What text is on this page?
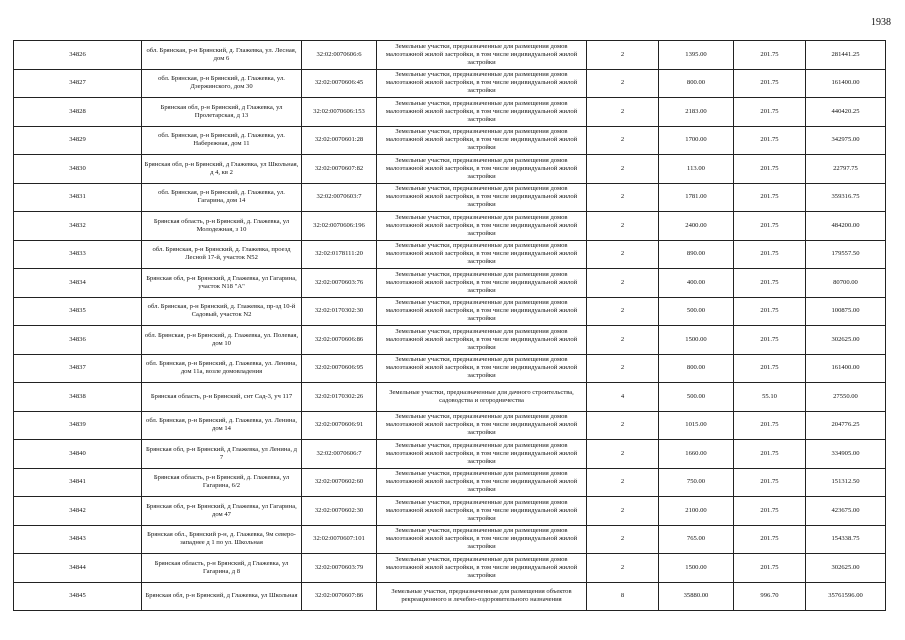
1938
34826	обл. Брянская, р-н Брянский, д. Глажевка, ул. Лесная, дом 6	32:02:0070606:6	Земельные участки, предназначенные для размещения домов малоэтажной жилой застройки, в том числе индивидуальной жилой застройки	2	1395.00	201.75	281441.25
34827	обл. Брянская, р-н Брянский, д. Глажевка, ул. Дзержинского, дом 30	32:02:0070606:45	Земельные участки, предназначенные для размещения домов малоэтажной жилой застройки, в том числе индивидуальной жилой застройки	2	800.00	201.75	161400.00
34828	Брянская обл, р-н Брянский, д Глажевка, ул Пролетарская, д 13	32:02:0070606:153	Земельные участки, предназначенные для размещения домов малоэтажной жилой застройки, в том числе индивидуальной жилой застройки	2	2183.00	201.75	440420.25
34829	обл. Брянская, р-н Брянский, д. Глажевка, ул. Набережная, дом 11	32:02:0070601:28	Земельные участки, предназначенные для размещения домов малоэтажной жилой застройки, в том числе индивидуальной жилой застройки	2	1700.00	201.75	342975.00
34830	Брянская обл, р-н Брянский, д Глажевка, ул Школьная, д 4, кв 2	32:02:0070607:82	Земельные участки, предназначенные для размещения домов малоэтажной жилой застройки, в том числе индивидуальной жилой застройки	2	113.00	201.75	22797.75
34831	обл. Брянская, р-н Брянский, д. Глажевка, ул. Гагарина, дом 14	32:02:0070603:7	Земельные участки, предназначенные для размещения домов малоэтажной жилой застройки, в том числе индивидуальной жилой застройки	2	1781.00	201.75	359316.75
34832	Брянская область, р-н Брянский, д. Глажевка, ул Молодежная, з 10	32:02:0070606:196	Земельные участки, предназначенные для размещения домов малоэтажной жилой застройки, в том числе индивидуальной жилой застройки	2	2400.00	201.75	484200.00
34833	обл. Брянская, р-н Брянский, д. Глажевка, проезд Лесной 17-й, участок N52	32:02:0178111:20	Земельные участки, предназначенные для размещения домов малоэтажной жилой застройки, в том числе индивидуальной жилой застройки	2	890.00	201.75	179557.50
34834	Брянская обл, р-н Брянский, д Глажевка, ул Гагарина, участок N18 "А"	32:02:0070603:76	Земельные участки, предназначенные для размещения домов малоэтажной жилой застройки, в том числе индивидуальной жилой застройки	2	400.00	201.75	80700.00
34835	обл. Брянская, р-н Брянский, д. Глажевка, пр-зд 10-й Садовый, участок N2	32:02:0170302:30	Земельные участки, предназначенные для размещения домов малоэтажной жилой застройки, в том числе индивидуальной жилой застройки	2	500.00	201.75	100875.00
34836	обл. Брянская, р-н Брянский, д. Глажевка, ул. Полевая, дом 10	32:02:0070606:86	Земельные участки, предназначенные для размещения домов малоэтажной жилой застройки, в том числе индивидуальной жилой застройки	2	1500.00	201.75	302625.00
34837	обл. Брянская, р-н Брянский, д. Глажевка, ул. Ленина, дом 11а, возле домовладения	32:02:0070606:95	Земельные участки, предназначенные для размещения домов малоэтажной жилой застройки, в том числе индивидуальной жилой застройки	2	800.00	201.75	161400.00
34838	Брянская область, р-н Брянский, снт Сад-3, уч 117	32:02:0170302:26	Земельные участки, предназначенные для дачного строительства, садоводства и огородничества	4	500.00	55.10	27550.00
34839	обл. Брянская, р-н Брянский, д. Глажевка, ул. Ленина, дом 14	32:02:0070606:91	Земельные участки, предназначенные для размещения домов малоэтажной жилой застройки, в том числе индивидуальной жилой застройки	2	1015.00	201.75	204776.25
34840	Брянская обл, р-н Брянский, д Глажевка, ул Ленина, д 7	32:02:0070606:7	Земельные участки, предназначенные для размещения домов малоэтажной жилой застройки, в том числе индивидуальной жилой застройки	2	1660.00	201.75	334905.00
34841	Брянская область, р-н Брянский, д. Глажевка, ул Гагарина, 6/2	32:02:0070602:60	Земельные участки, предназначенные для размещения домов малоэтажной жилой застройки, в том числе индивидуальной жилой застройки	2	750.00	201.75	151312.50
34842	Брянская обл, р-н Брянский, д Глажевка, ул Гагарина, дом 47	32:02:0070602:30	Земельные участки, предназначенные для размещения домов малоэтажной жилой застройки, в том числе индивидуальной жилой застройки	2	2100.00	201.75	423675.00
34843	Брянская обл., Брянский р-н, д. Глажевка, 9м северо-западнее д 1 по ул. Школьная	32:02:0070607:101	Земельные участки, предназначенные для размещения домов малоэтажной жилой застройки, в том числе индивидуальной жилой застройки	2	765.00	201.75	154338.75
34844	Брянская область, р-н Брянский, д Глажевка, ул Гагарина, д 8	32:02:0070603:79	Земельные участки, предназначенные для размещения домов малоэтажной жилой застройки, в том числе индивидуальной жилой застройки	2	1500.00	201.75	302625.00
34845	Брянская обл, р-н Брянский, д Глажевка, ул Школьная	32:02:0070607:86	Земельные участки, предназначенные для размещения объектов рекреационного и лечебно-оздоровительного назначения	8	35880.00	996.70	35761596.00
